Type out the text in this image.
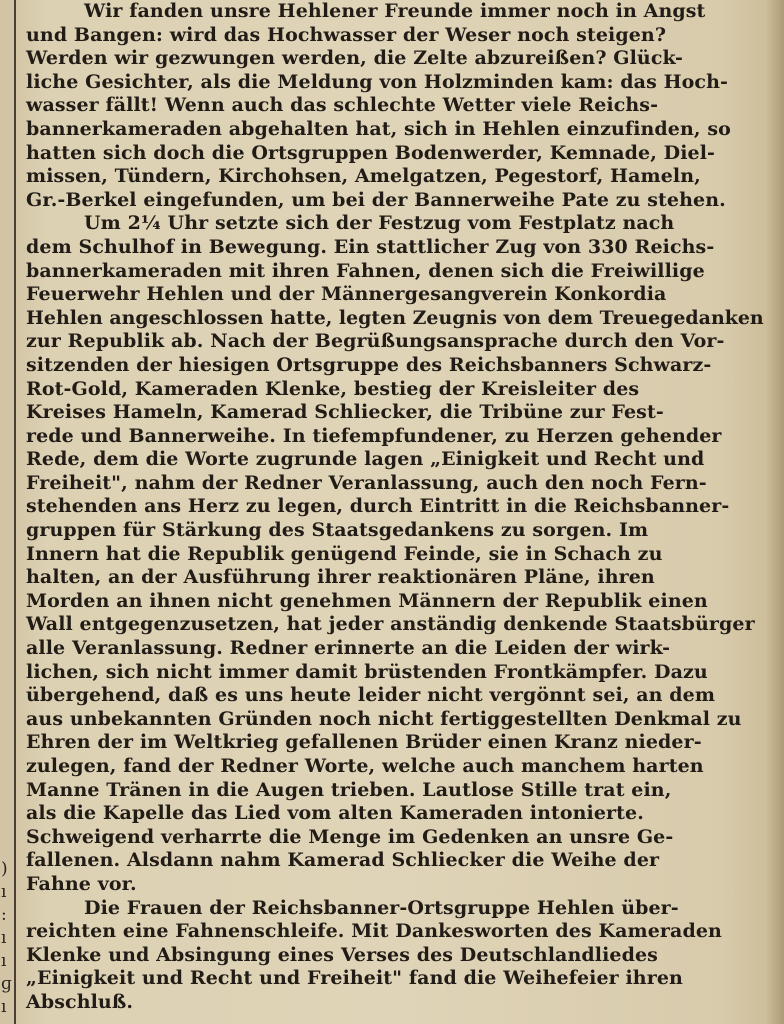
)
ı
:
ı
ı
ɡ
ı
Wir fanden unsre Hehlener Freunde immer noch in Angst
und Bangen: wird das Hochwasser der Weser noch steigen?
Werden wir gezwungen werden, die Zelte abzureißen? Glück-
liche Gesichter, als die Meldung von Holzminden kam: das Hoch-
wasser fällt! Wenn auch das schlechte Wetter viele Reichs-
bannerkameraden abgehalten hat, sich in Hehlen einzufinden, so
hatten sich doch die Ortsgruppen Bodenwerder, Kemnade, Diel-
missen, Tündern, Kirchohsen, Amelgatzen, Pegestorf, Hameln,
Gr.-Berkel eingefunden, um bei der Bannerweihe Pate zu stehen.
Um 2¼ Uhr setzte sich der Festzug vom Festplatz nach
dem Schulhof in Bewegung. Ein stattlicher Zug von 330 Reichs-
bannerkameraden mit ihren Fahnen, denen sich die Freiwillige
Feuerwehr Hehlen und der Männergesangverein Konkordia
Hehlen angeschlossen hatte, legten Zeugnis von dem Treuegedanken
zur Republik ab. Nach der Begrüßungsansprache durch den Vor-
sitzenden der hiesigen Ortsgruppe des Reichsbanners Schwarz-
Rot-Gold, Kameraden Klenke, bestieg der Kreisleiter des
Kreises Hameln, Kamerad Schliecker, die Tribüne zur Fest-
rede und Bannerweihe. In tiefempfundener, zu Herzen gehender
Rede, dem die Worte zugrunde lagen „Einigkeit und Recht und
Freiheit", nahm der Redner Veranlassung, auch den noch Fern-
stehenden ans Herz zu legen, durch Eintritt in die Reichsbanner-
gruppen für Stärkung des Staatsgedankens zu sorgen. Im
Innern hat die Republik genügend Feinde, sie in Schach zu
halten, an der Ausführung ihrer reaktionären Pläne, ihren
Morden an ihnen nicht genehmen Männern der Republik einen
Wall entgegenzusetzen, hat jeder anständig denkende Staatsbürger
alle Veranlassung. Redner erinnerte an die Leiden der wirk-
lichen, sich nicht immer damit brüstenden Frontkämpfer. Dazu
übergehend, daß es uns heute leider nicht vergönnt sei, an dem
aus unbekannten Gründen noch nicht fertiggestellten Denkmal zu
Ehren der im Weltkrieg gefallenen Brüder einen Kranz nieder-
zulegen, fand der Redner Worte, welche auch manchem harten
Manne Tränen in die Augen trieben. Lautlose Stille trat ein,
als die Kapelle das Lied vom alten Kameraden intonierte.
Schweigend verharrte die Menge im Gedenken an unsre Ge-
fallenen. Alsdann nahm Kamerad Schliecker die Weihe der
Fahne vor.
Die Frauen der Reichsbanner-Ortsgruppe Hehlen über-
reichten eine Fahnenschleife. Mit Dankesworten des Kameraden
Klenke und Absingung eines Verses des Deutschlandliedes
„Einigkeit und Recht und Freiheit" fand die Weihefeier ihren
Abschluß.
